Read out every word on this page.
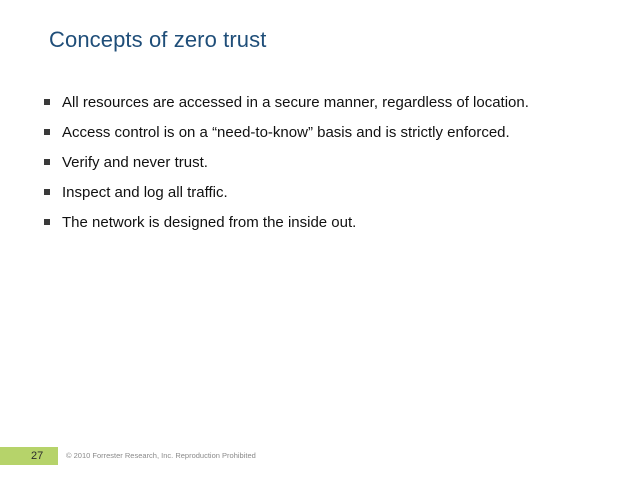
Concepts of zero trust
All resources are accessed in a secure manner, regardless of location.
Access control is on a “need-to-know” basis and is strictly enforced.
Verify and never trust.
Inspect and log all traffic.
The network is designed from the inside out.
27	© 2010 Forrester Research, Inc. Reproduction Prohibited
